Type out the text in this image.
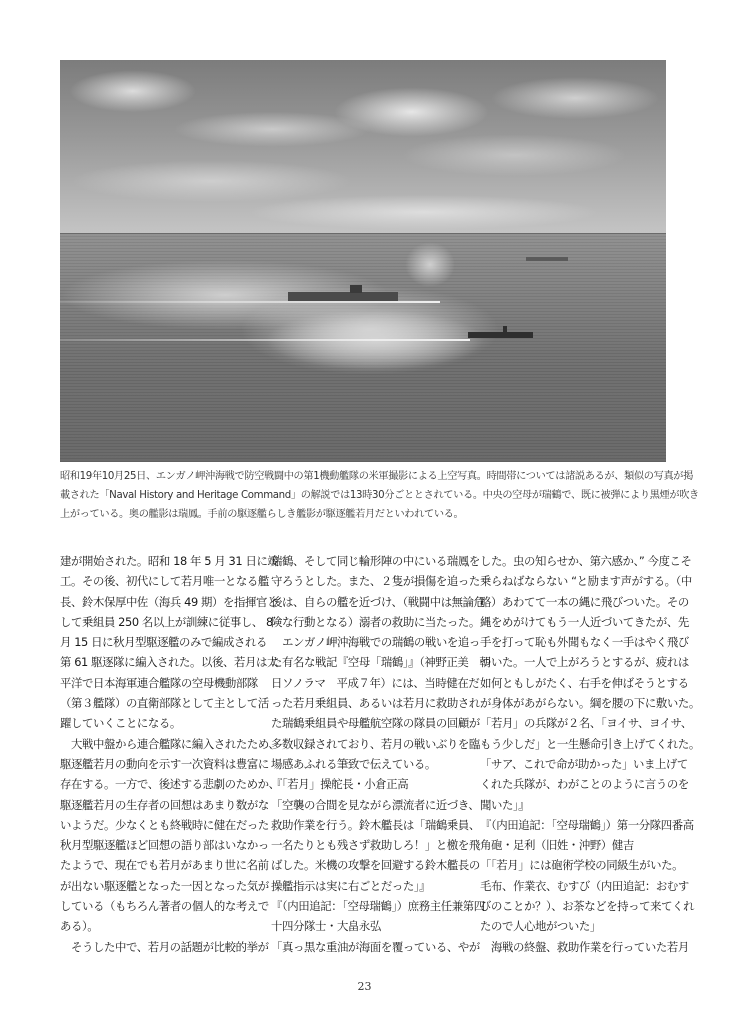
昭和19年10月25日、エンガノ岬沖海戦で防空戦闘中の第1機動艦隊の米軍撮影による上空写真。時間帯については諸説あるが、類似の写真が掲
載された「Naval History and Heritage Command」の解説では13時30分ごととされている。中央の空母が瑞鶴で、既に被弾により黒煙が吹き
上がっている。奥の艦影は瑞鳳。手前の駆逐艦らしき艦影が駆逐艦若月だといわれている。
建が開始された。昭和 18 年 5 月 31 日に竣
工。その後、初代にして若月唯一となる艦
長、鈴木保厚中佐（海兵 49 期）を指揮官と
して乗組員 250 名以上が訓練に従事し、 8
月 15 日に秋月型駆逐艦のみで編成される
第 61 駆逐隊に編入された。以後、若月は太
平洋で日本海軍連合艦隊の空母機動部隊
（第３艦隊）の直衛部隊として主として活
躍していくことになる。
　大戦中盤から連合艦隊に編入されたため、
駆逐艦若月の動向を示す一次資料は豊富に
存在する。一方で、後述する悲劇のためか、
駆逐艦若月の生存者の回想はあまり数がな
いようだ。少なくとも終戦時に健在だった
秋月型駆逐艦ほど回想の語り部はいなかっ
たようで、現在でも若月があまり世に名前
が出ない駆逐艦となった一因となった気が
している（もちろん著者の個人的な考えで
ある）。
　そうした中で、若月の話題が比較的挙が
瑞鶴、そして同じ輪形陣の中にいる瑞鳳を
守ろうとした。また、２隻が損傷を追った
後は、自らの艦を近づけ、（戦闘中は無論危
険な行動となる）溺者の救助に当たった。
　エンガノ岬沖海戦での瑞鶴の戦いを追っ
た有名な戦記『空母「瑞鶴」』（神野正美　朝
日ソノラマ　平成７年）には、当時健在だ
った若月乗組員、あるいは若月に救助され
た瑞鶴乗組員や母艦航空隊の隊員の回顧が
多数収録されており、若月の戦いぶりを臨
場感あふれる筆致で伝えている。
『「若月」操舵長・小倉正高
「空襲の合間を見ながら漂流者に近づき、
救助作業を行う。鈴木艦長は「瑞鶴乗員、
一名たりとも残さず救助しろ！」と檄を飛
ばした。米機の攻撃を回避する鈴木艦長の
操艦指示は実に右ごとだった」』
『（内田追記：「空母瑞鶴」）庶務主任兼第四
十四分隊士・大畠永弘
「真っ黒な重油が海面を覆っている、やが
した。虫の知らせか、第六感か、” 今度こそ
乗らねばならない “と励ます声がする。（中
略）あわてて一本の縄に飛びついた。その
縄をめがけてもう一人近づいてきたが、先
手を打って恥も外聞もなく一手はやく飛び
ついた。一人で上がろうとするが、疲れは
如何ともしがたく、右手を伸ばそうとする
が身体があがらない。綱を腰の下に敷いた。
「若月」の兵隊が２名、「ヨイサ、ヨイサ、
もう少しだ」と一生懸命引き上げてくれた。
「サア、これで命が助かった」いま上げて
くれた兵隊が、わがことのように言うのを
聞いた」』
『（内田追記：「空母瑞鶴」）第一分隊四番高
角砲・足利（旧姓・沖野）健吉
「「若月」には砲術学校の同級生がいた。
毛布、作業衣、むすび（内田追記：おむす
びのことか？）、お茶などを持って来てくれ
たので人心地がついた」
　海戦の終盤、救助作業を行っていた若月
23
